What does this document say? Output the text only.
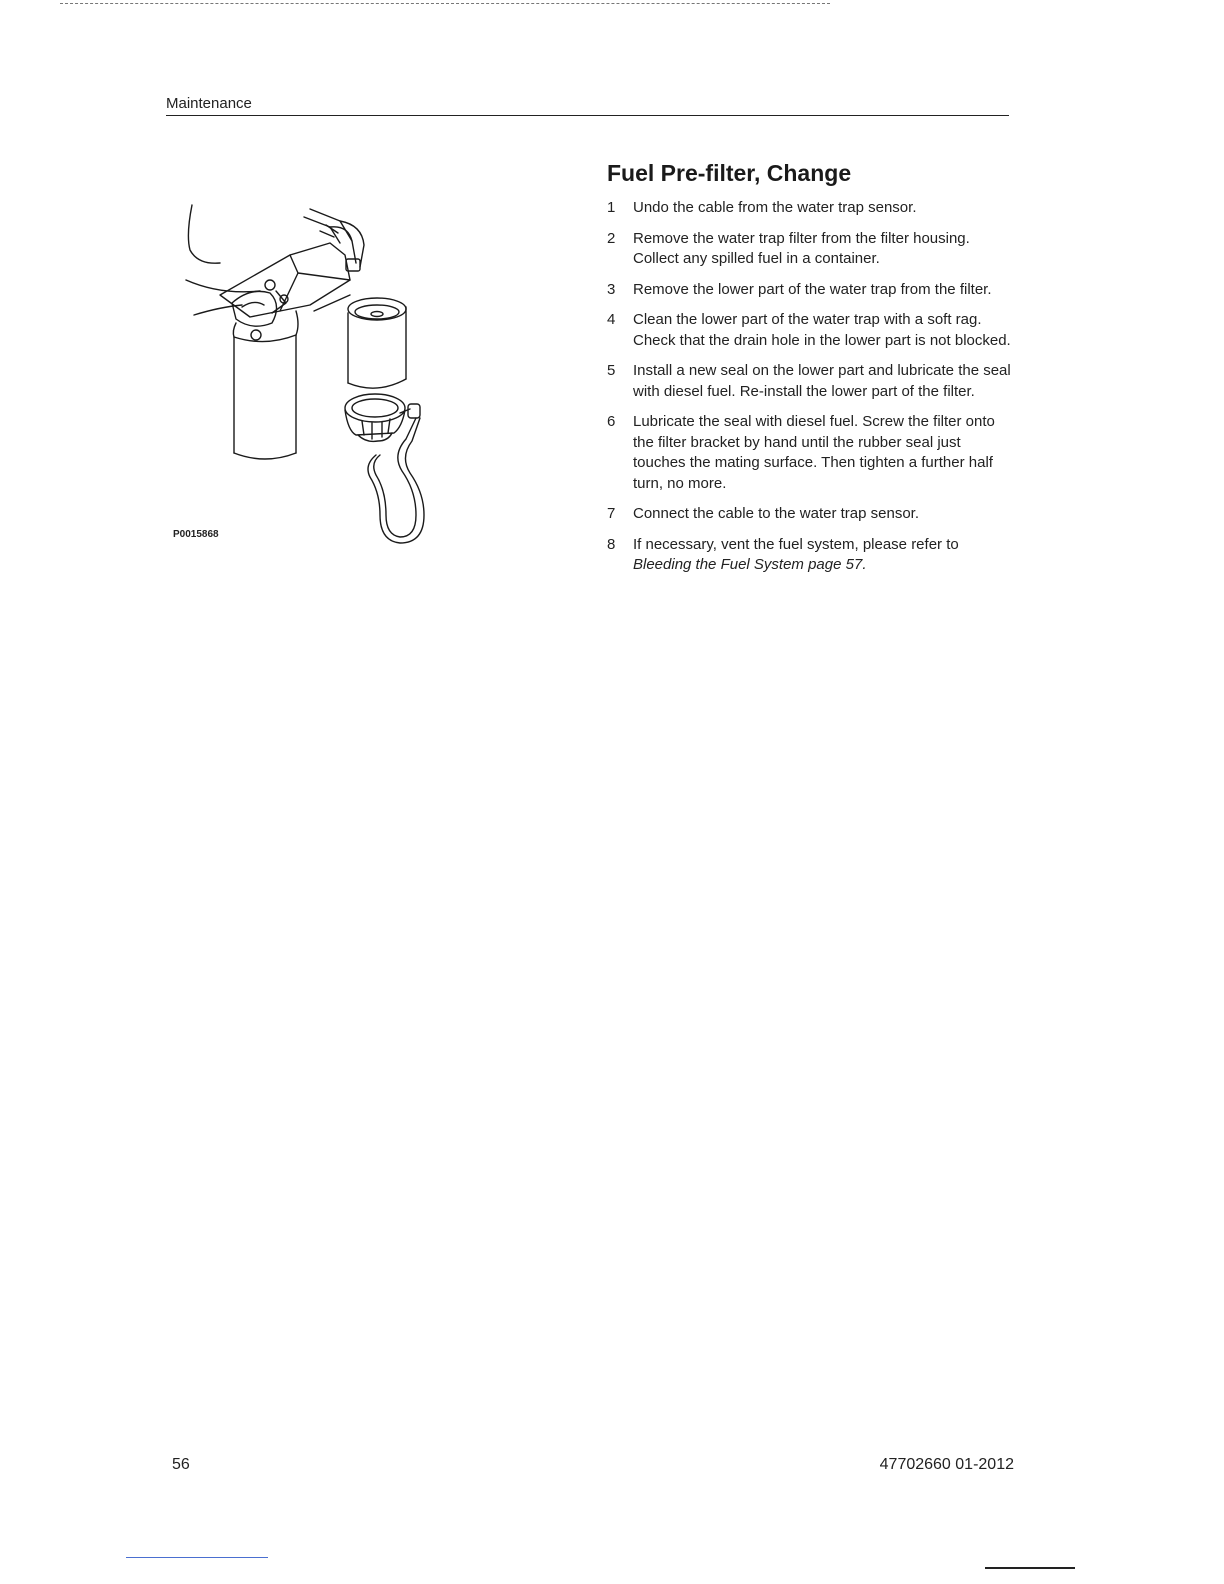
Maintenance
P0015868
Fuel Pre-filter, Change
1 Undo the cable from the water trap sensor.
2 Remove the water trap filter from the filter housing. Collect any spilled fuel in a container.
3 Remove the lower part of the water trap from the filter.
4 Clean the lower part of the water trap with a soft rag. Check that the drain hole in the lower part is not blocked.
5 Install a new seal on the lower part and lubricate the seal with diesel fuel. Re-install the lower part of the filter.
6 Lubricate the seal with diesel fuel. Screw the filter onto the filter bracket by hand until the rubber seal just touches the mating surface. Then tighten a further half turn, no more.
7 Connect the cable to the water trap sensor.
8 If necessary, vent the fuel system, please refer to
Bleeding the Fuel System page 57.
56	47702660 01-2012
